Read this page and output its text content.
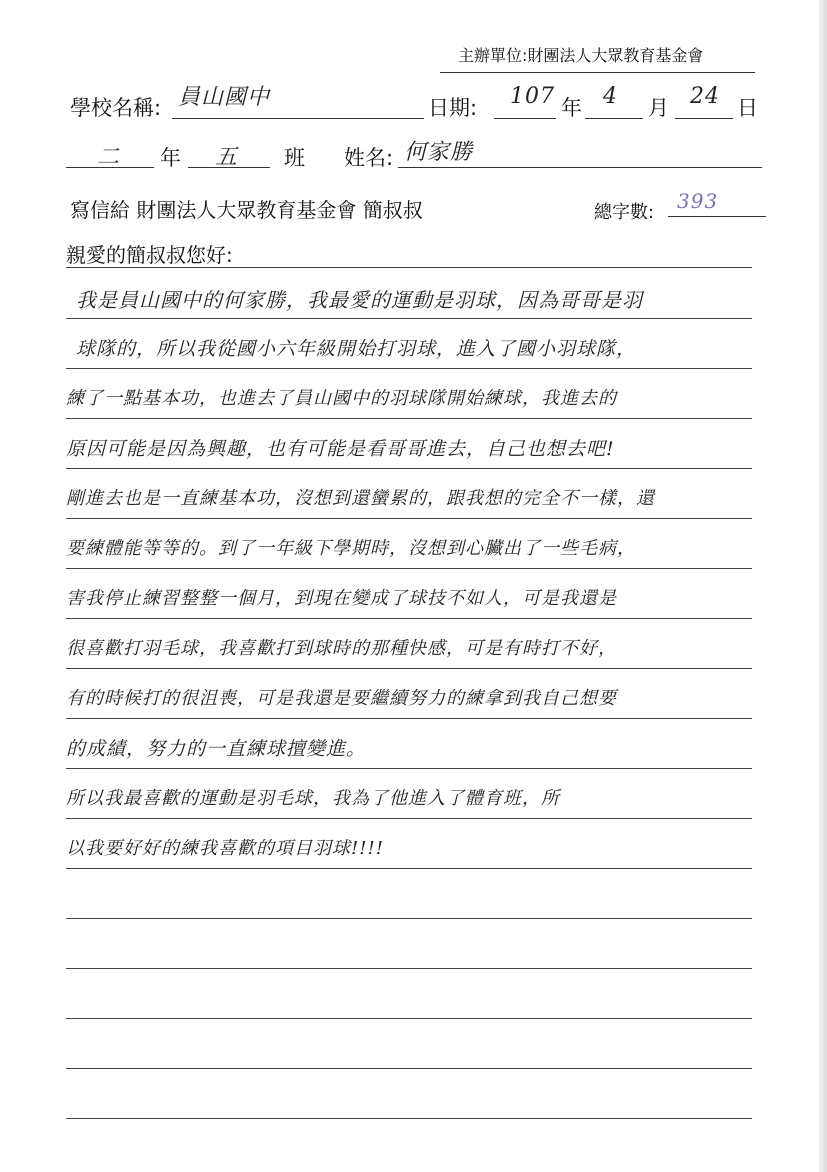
主辦單位:財團法人大眾教育基金會
學校名稱: 員山國中	日期: 107 年 4 月 24 日
二 年 五 班 姓名: 何家勝
寫信給 財團法人大眾教育基金會 簡叔叔	總字數: 393
親愛的簡叔叔您好:
我是員山國中的何家勝，我最愛的運動是羽球，因為哥哥是羽
球隊的，所以我從國小六年級開始打羽球，進入了國小羽球隊，
練了一點基本功，也進去了員山國中的羽球隊開始練球，我進去的
原因可能是因為興趣，也有可能是看哥哥進去，自己也想去吧!
剛進去也是一直練基本功，沒想到還蠻累的，跟我想的完全不一樣，還
要練體能等等的。到了一年級下學期時，沒想到心臟出了一些毛病，
害我停止練習整整一個月，到現在變成了球技不如人，可是我還是
很喜歡打羽毛球，我喜歡打到球時的那種快感，可是有時打不好，
有的時候打的很沮喪，可是我還是要繼續努力的練拿到我自己想要
的成績，努力的一直練球擅變進。
所以我最喜歡的運動是羽毛球，我為了他進入了體育班，所
以我要好好的練我喜歡的項目羽球!!!!
